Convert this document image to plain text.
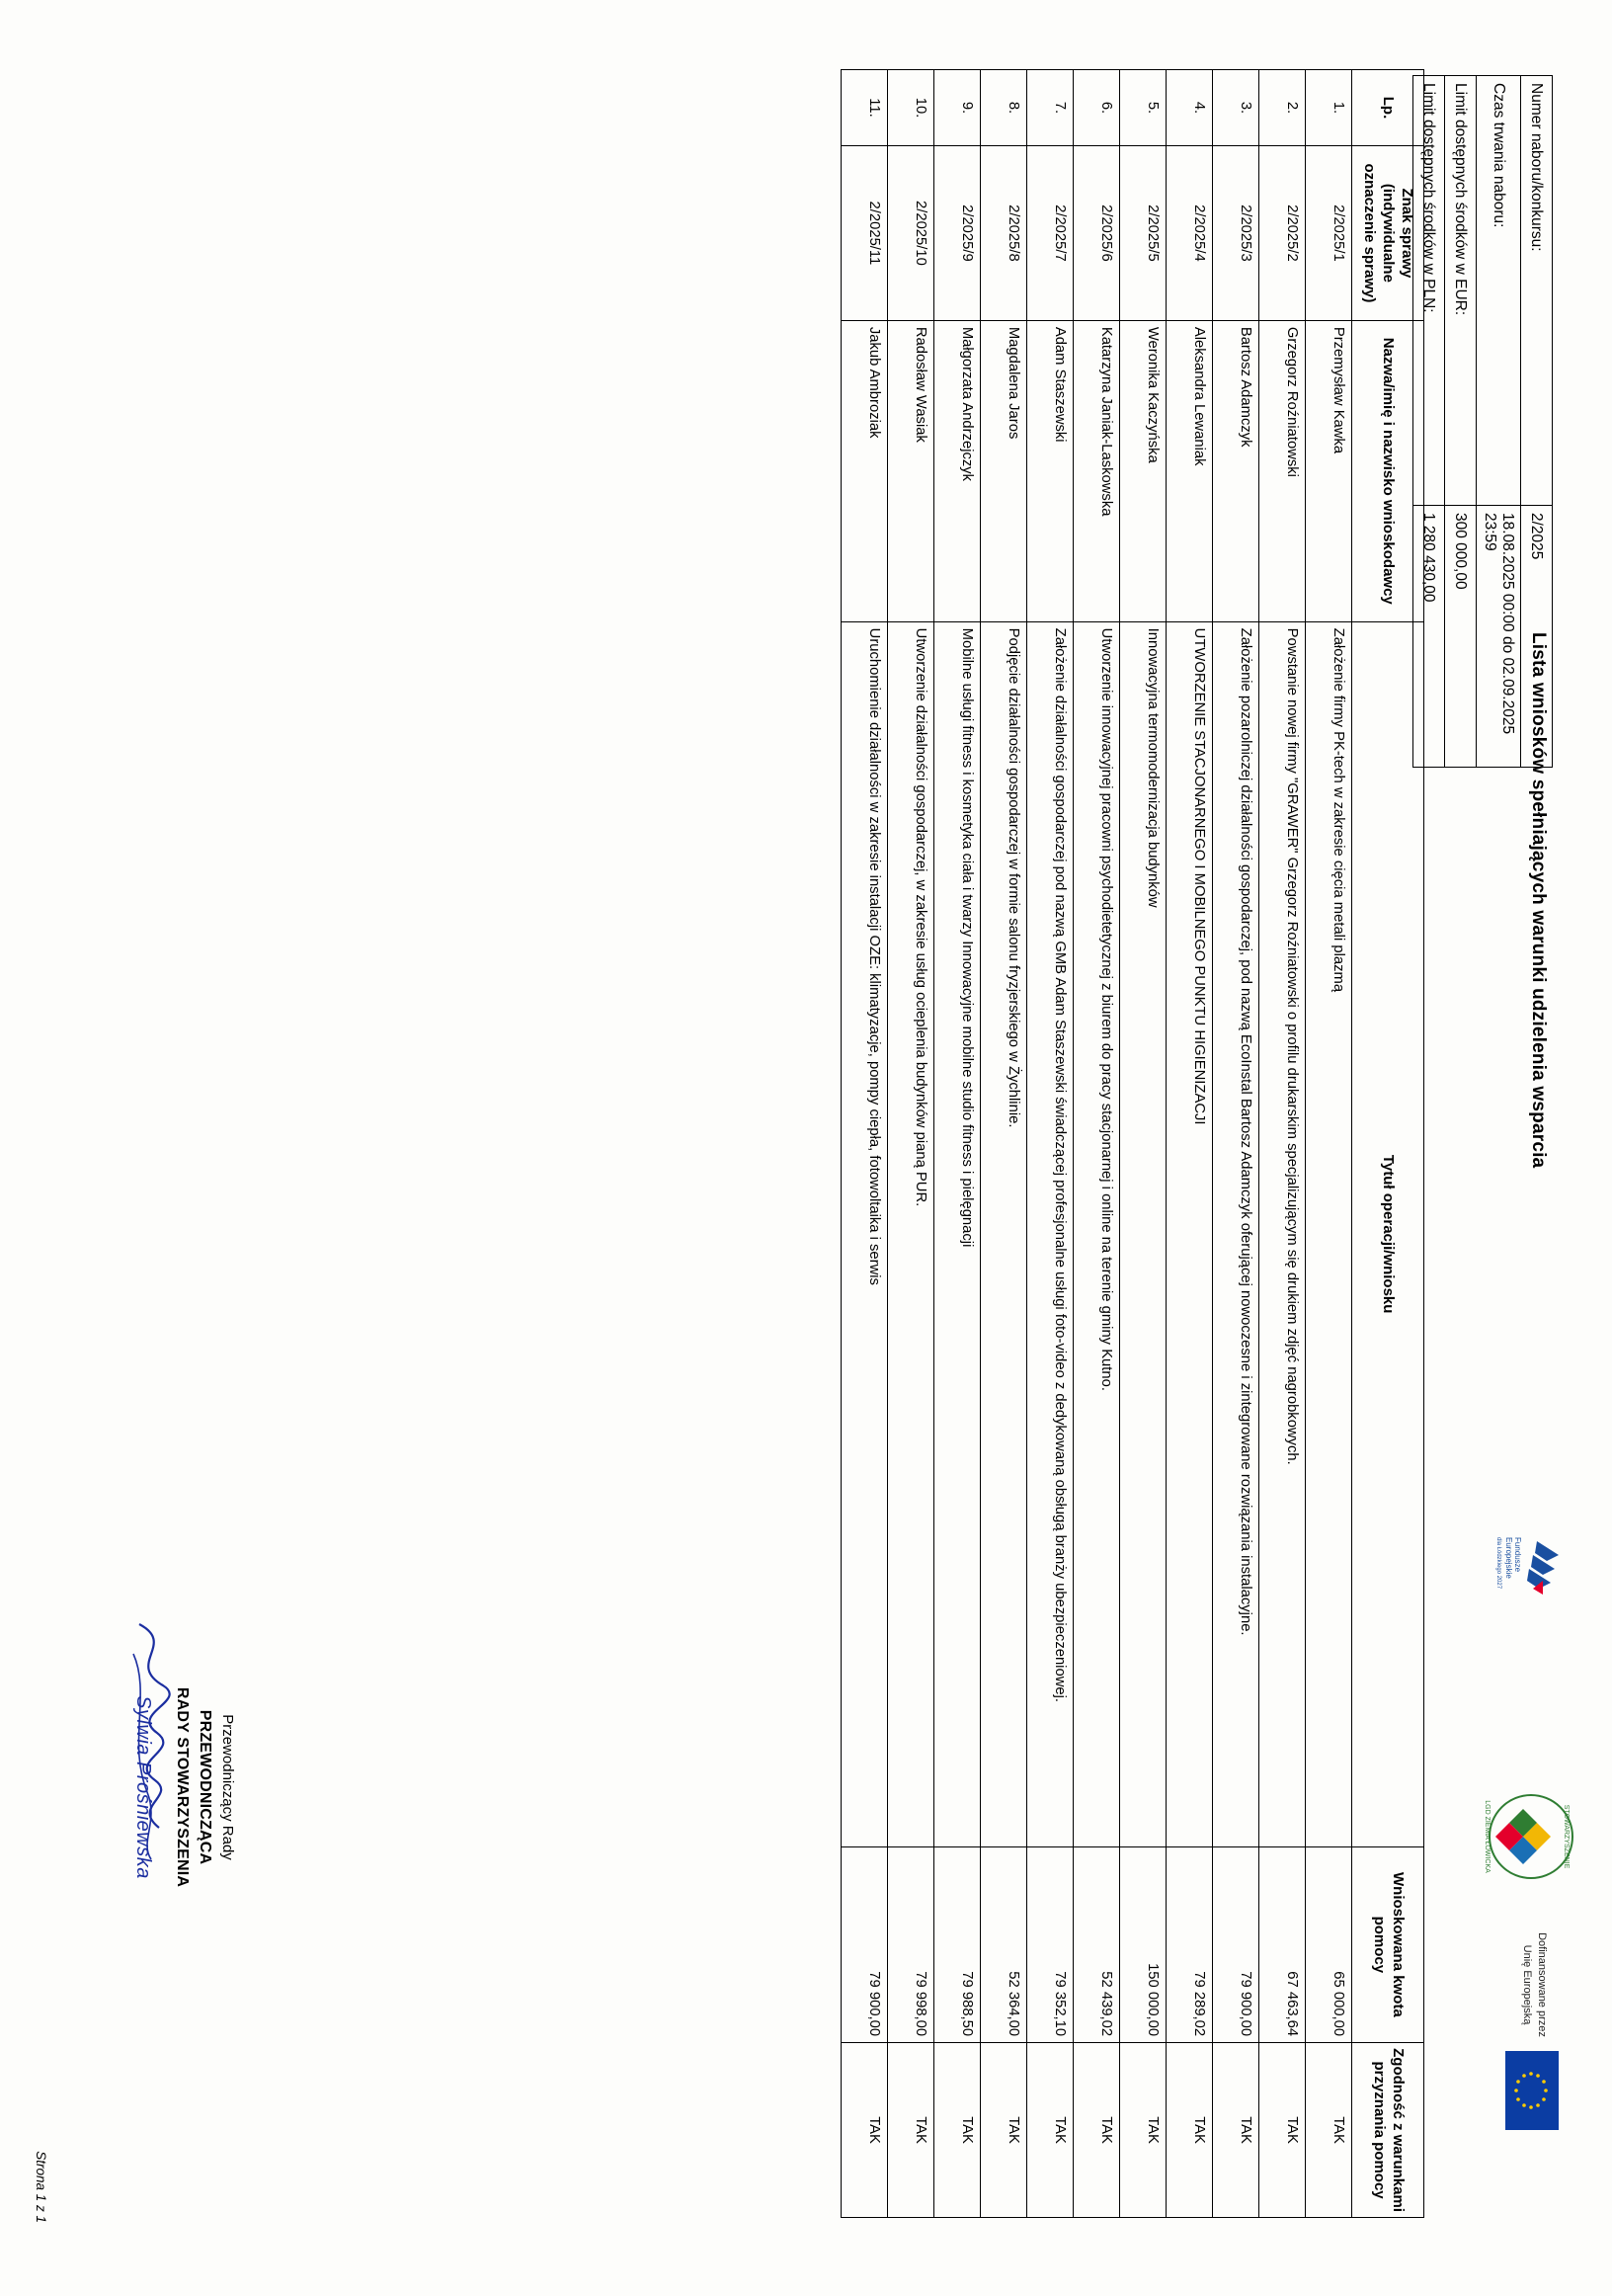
Lista wniosków spełniających warunki udzielenia wsparcia
Fundusze
Europejskie
dla Łódzkiego 2027
STOWARZYSZENIE
LGD ZIEMIA ŁOWICKA
Dofinansowane przez Unię Europejską
Numer naboru/konkursu:	2/2025	
Czas trwania naboru:	18.08.2025 00:00 do 02.09.2025 23:59	
Limit dostępnych środków w EUR:	300 000,00	
Limit dostępnych środków w PLN:	1 280 430,00	
Lp.	Znak sprawy (indywidualne oznaczenie sprawy)	Nazwa/imię i nazwisko wnioskodawcy	Tytuł operacji/wniosku	Wnioskowana kwota pomocy	Zgodność z warunkami przyznania pomocy
1.	2/2025/1	Przemysław Kawka	Założenie firmy PK-tech w zakresie cięcia metali plazmą	65 000,00	TAK
2.	2/2025/2	Grzegorz Roźniatowski	Powstanie nowej firmy "GRAWER" Grzegorz Roźniatowski o profilu drukarskim specjalizującym się drukiem zdjęć nagrobkowych.	67 463,64	TAK
3.	2/2025/3	Bartosz Adamczyk	Założenie pozarolniczej działalności gospodarczej, pod nazwą EcoInstal Bartosz Adamczyk oferującej nowoczesne i zintegrowane rozwiązania instalacyjne.	79 900,00	TAK
4.	2/2025/4	Aleksandra Lewaniak	UTWORZENIE STACJONARNEGO I MOBILNEGO PUNKTU HIGIENIZACJI	79 289,02	TAK
5.	2/2025/5	Weronika Kaczyńska	Innowacyjna termomodernizacja budynków	150 000,00	TAK
6.	2/2025/6	Katarzyna Janiak-Laskowska	Utworzenie innowacyjnej pracowni psychodietetycznej z biurem do pracy stacjonarnej i online na terenie gminy Kutno.	52 439,02	TAK
7.	2/2025/7	Adam Staszewski	Założenie działalności gospodarczej pod nazwą GMB Adam Staszewski świadczącej profesjonalne usługi foto-video z dedykowaną obsługą branży ubezpieczeniowej.	79 352,10	TAK
8.	2/2025/8	Magdalena Jaros	Podjęcie działalności gospodarczej w formie salonu fryzjerskiego w Żychlinie.	52 364,00	TAK
9.	2/2025/9	Małgorzata Andrzejczyk	Mobilne usługi fitness i kosmetyka ciała i twarzy Innowacyjne mobilne studio fitness i pielęgnacji	79 988,50	TAK
10.	2/2025/10	Radosław Wasiak	Utworzenie działalności gospodarczej, w zakresie usług ocieplenia budynków pianą PUR.	79 998,00	TAK
11.	2/2025/11	Jakub Ambroziak	Uruchomienie działalności w zakresie instalacji OZE: klimatyzacje, pompy ciepła, fotowoltaika i serwis	79 900,00	TAK
Przewodniczący Rady
PRZEWODNICZĄCA
RADY STOWARZYSZENIA
Sylwia Prośniewska
Strona 1 z 1
